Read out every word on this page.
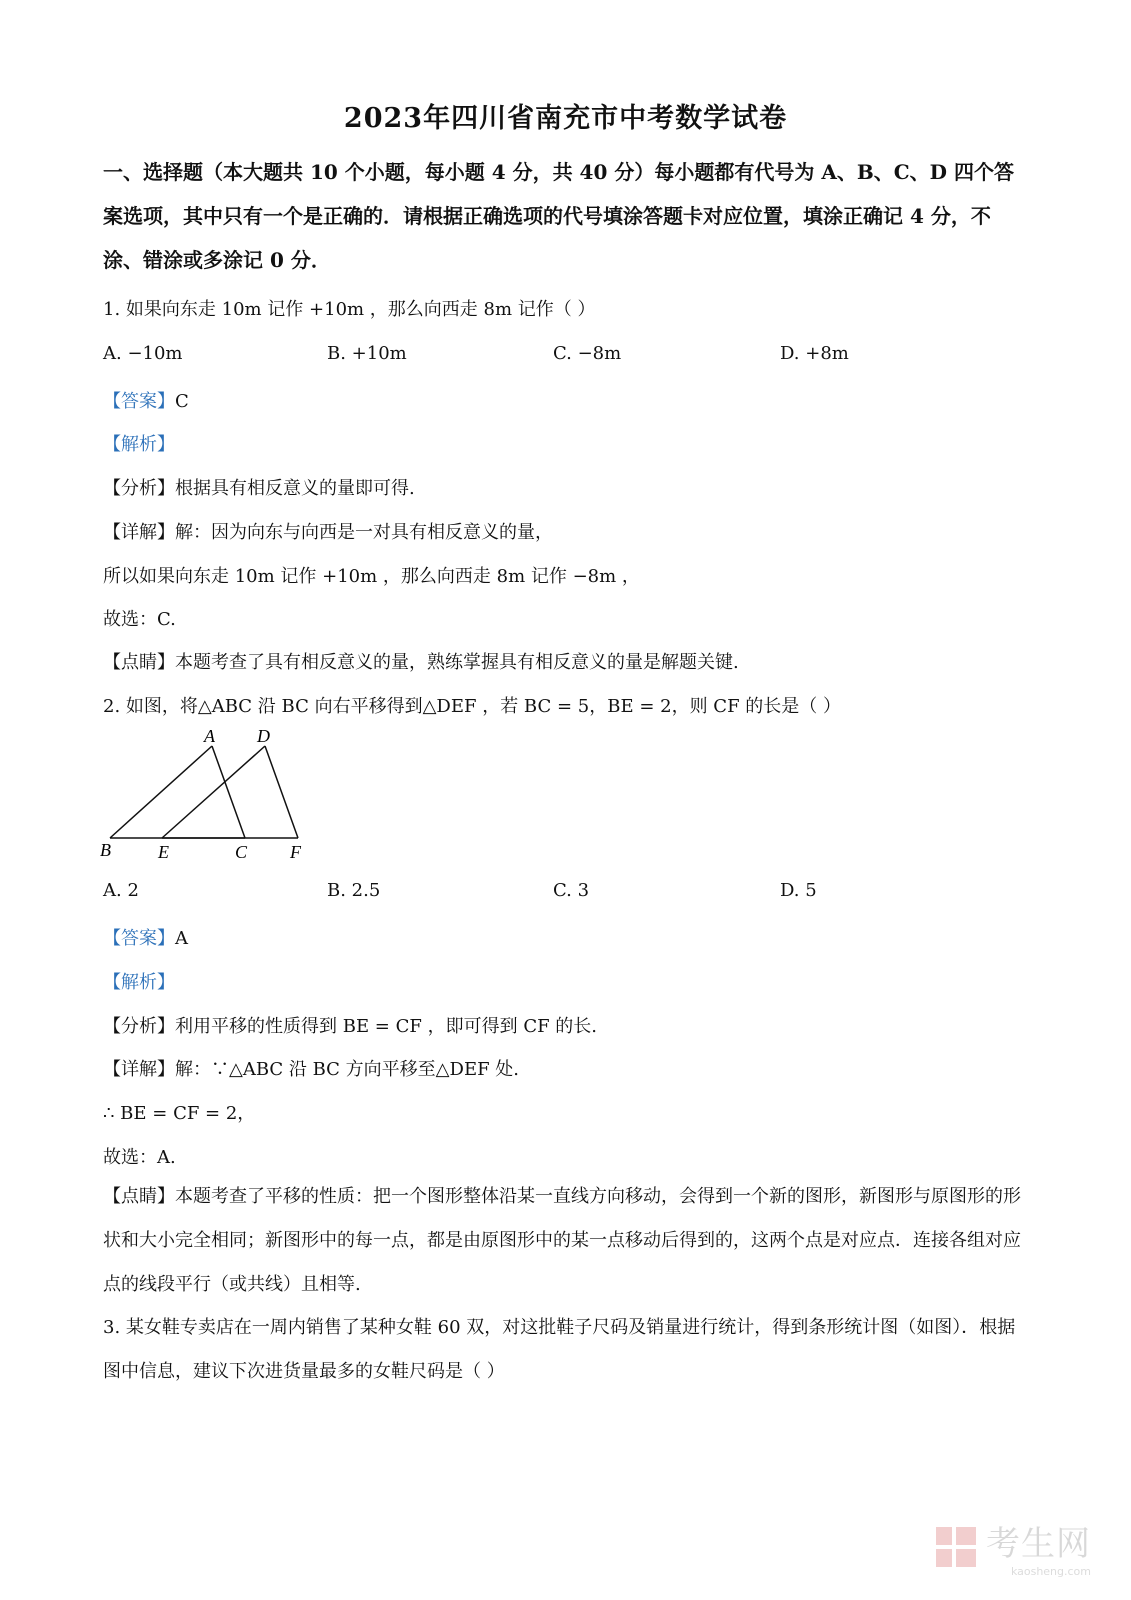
2023年四川省南充市中考数学试卷
一、选择题（本大题共 10 个小题，每小题 4 分，共 40 分）每小题都有代号为 A、B、C、D 四个答案选项，其中只有一个是正确的．请根据正确选项的代号填涂答题卡对应位置，填涂正确记 4 分，不涂、错涂或多涂记 0 分．
1. 如果向东走 10m 记作 +10m ，那么向西走 8m 记作（ ）
A. −10m	B. +10m	C. −8m	D. +8m
【答案】C
【解析】
【分析】根据具有相反意义的量即可得.
【详解】解：因为向东与向西是一对具有相反意义的量，
所以如果向东走 10m 记作 +10m ，那么向西走 8m 记作 −8m ，
故选：C.
【点睛】本题考查了具有相反意义的量，熟练掌握具有相反意义的量是解题关键.
2. 如图，将△ABC 沿 BC 向右平移得到△DEF ，若 BC = 5，BE = 2，则 CF 的长是（ ）
A D
B	E	C F
A. 2	B. 2.5	C. 3	D. 5
【答案】A
【解析】
【分析】利用平移的性质得到 BE = CF ，即可得到 CF 的长.
【详解】解：∵△ABC 沿 BC 方向平移至△DEF 处.
∴ BE = CF = 2，
故选：A.
【点睛】本题考查了平移的性质：把一个图形整体沿某一直线方向移动，会得到一个新的图形，新图形与原图形的形状和大小完全相同；新图形中的每一点，都是由原图形中的某一点移动后得到的，这两个点是对应点．连接各组对应点的线段平行（或共线）且相等.
3. 某女鞋专卖店在一周内销售了某种女鞋 60 双，对这批鞋子尺码及销量进行统计，得到条形统计图（如图）．根据图中信息，建议下次进货量最多的女鞋尺码是（ ）
考生网
kaosheng.com
